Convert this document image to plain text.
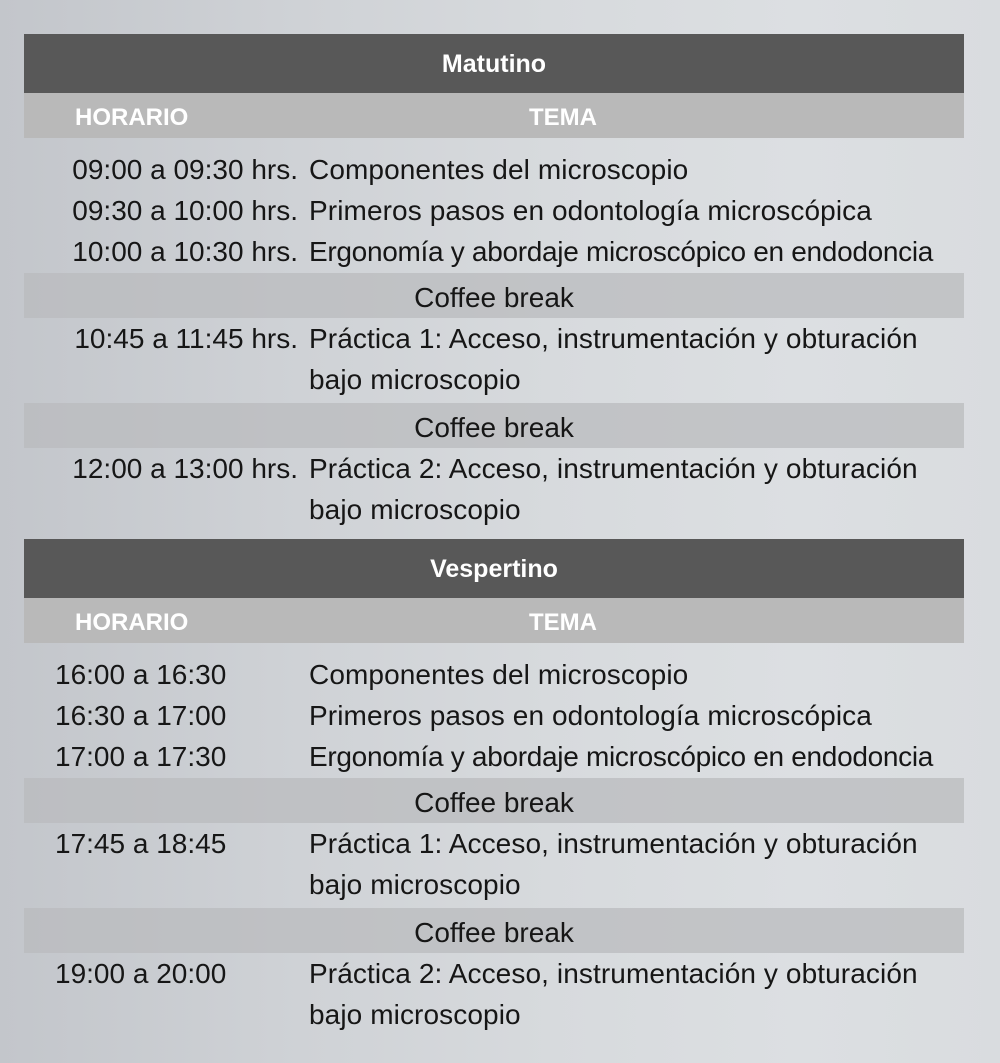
Matutino
HORARIO	TEMA
09:00 a 09:30 hrs. Componentes del microscopio
09:30 a 10:00 hrs. Primeros pasos en odontología microscópica
10:00 a 10:30 hrs. Ergonomía y abordaje microscópico en endodoncia
Coffee break
10:45 a 11:45 hrs. Práctica 1: Acceso, instrumentación y obturación bajo microscopio
Coffee break
12:00 a 13:00 hrs. Práctica 2: Acceso, instrumentación y obturación bajo microscopio
Vespertino
HORARIO	TEMA
16:00 a 16:30	Componentes del microscopio
16:30 a 17:00	Primeros pasos en odontología microscópica
17:00 a 17:30	Ergonomía y abordaje microscópico en endodoncia
Coffee break
17:45 a 18:45	Práctica 1: Acceso, instrumentación y obturación bajo microscopio
Coffee break
19:00 a 20:00	Práctica 2: Acceso, instrumentación y obturación bajo microscopio
